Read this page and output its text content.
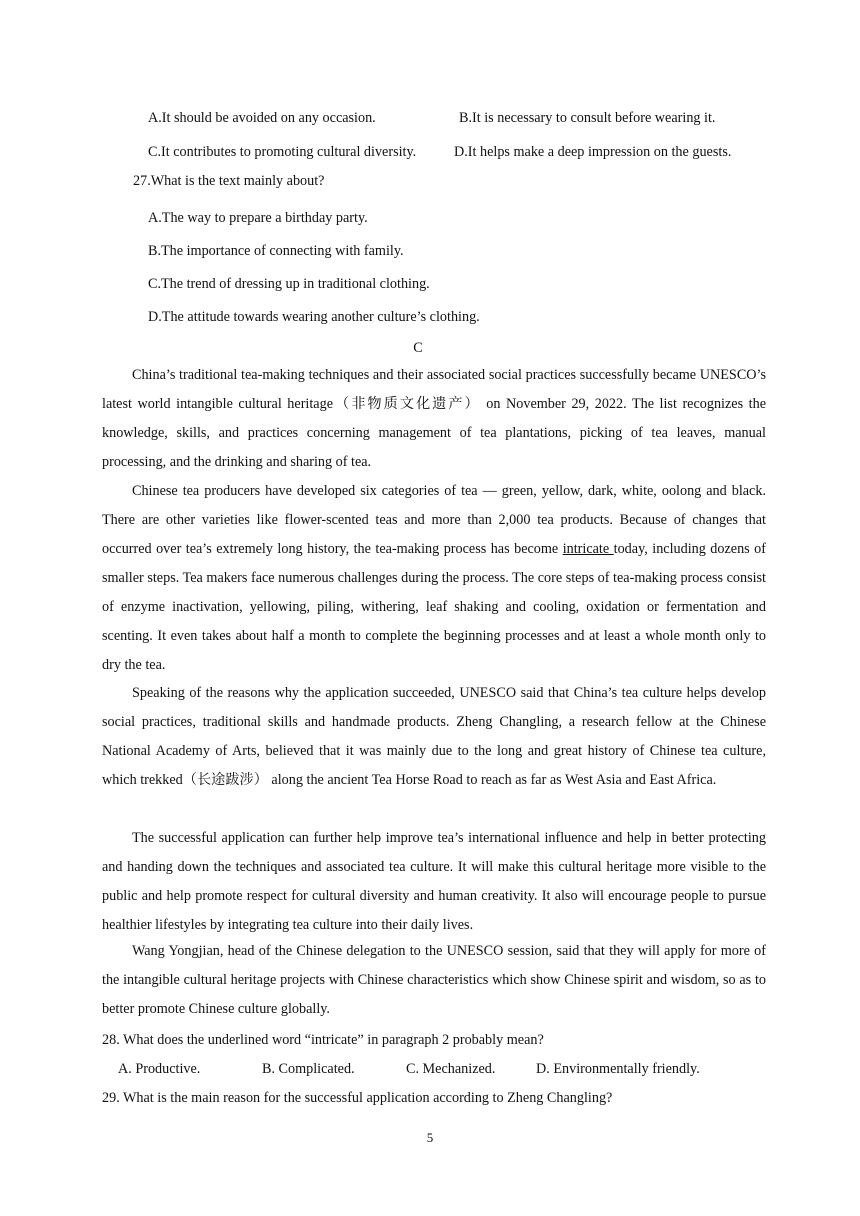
A.It should be avoided on any occasion.	B.It is necessary to consult before wearing it.
C.It contributes to promoting cultural diversity.	D.It helps make a deep impression on the guests.
27.What is the text mainly about?
A.The way to prepare a birthday party.
B.The importance of connecting with family.
C.The trend of dressing up in traditional clothing.
D.The attitude towards wearing another culture’s clothing.
C
China’s traditional tea-making techniques and their associated social practices successfully became UNESCO’s latest world intangible cultural heritage（非物质文化遗产） on November 29, 2022. The list recognizes the knowledge, skills, and practices concerning management of tea plantations, picking of tea leaves, manual processing, and the drinking and sharing of tea.
Chinese tea producers have developed six categories of tea — green, yellow, dark, white, oolong and black. There are other varieties like flower-scented teas and more than 2,000 tea products. Because of changes that occurred over tea’s extremely long history, the tea-making process has become intricate today, including dozens of smaller steps. Tea makers face numerous challenges during the process. The core steps of tea-making process consist of enzyme inactivation, yellowing, piling, withering, leaf shaking and cooling, oxidation or fermentation and scenting. It even takes about half a month to complete the beginning processes and at least a whole month only to dry the tea.
Speaking of the reasons why the application succeeded, UNESCO said that China’s tea culture helps develop social practices, traditional skills and handmade products. Zheng Changling, a research fellow at the Chinese National Academy of Arts, believed that it was mainly due to the long and great history of Chinese tea culture, which trekked（长途跋涉） along the ancient Tea Horse Road to reach as far as West Asia and East Africa.
The successful application can further help improve tea’s international influence and help in better protecting and handing down the techniques and associated tea culture. It will make this cultural heritage more visible to the public and help promote respect for cultural diversity and human creativity. It also will encourage people to pursue healthier lifestyles by integrating tea culture into their daily lives.
Wang Yongjian, head of the Chinese delegation to the UNESCO session, said that they will apply for more of the intangible cultural heritage projects with Chinese characteristics which show Chinese spirit and wisdom, so as to better promote Chinese culture globally.
28. What does the underlined word “intricate” in paragraph 2 probably mean?
A. Productive.	B. Complicated.	C. Mechanized.	D. Environmentally friendly.
29. What is the main reason for the successful application according to Zheng Changling?
5
